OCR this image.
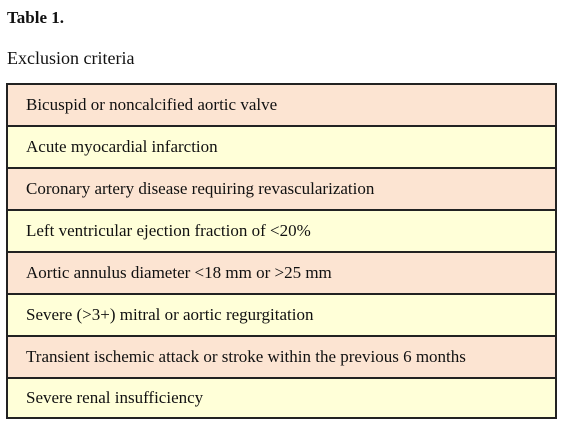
Table 1.
Exclusion criteria
Bicuspid or noncalcified aortic valve
Acute myocardial infarction
Coronary artery disease requiring revascularization
Left ventricular ejection fraction of <20%
Aortic annulus diameter <18 mm or >25 mm
Severe (>3+) mitral or aortic regurgitation
Transient ischemic attack or stroke within the previous 6 months
Severe renal insufficiency
